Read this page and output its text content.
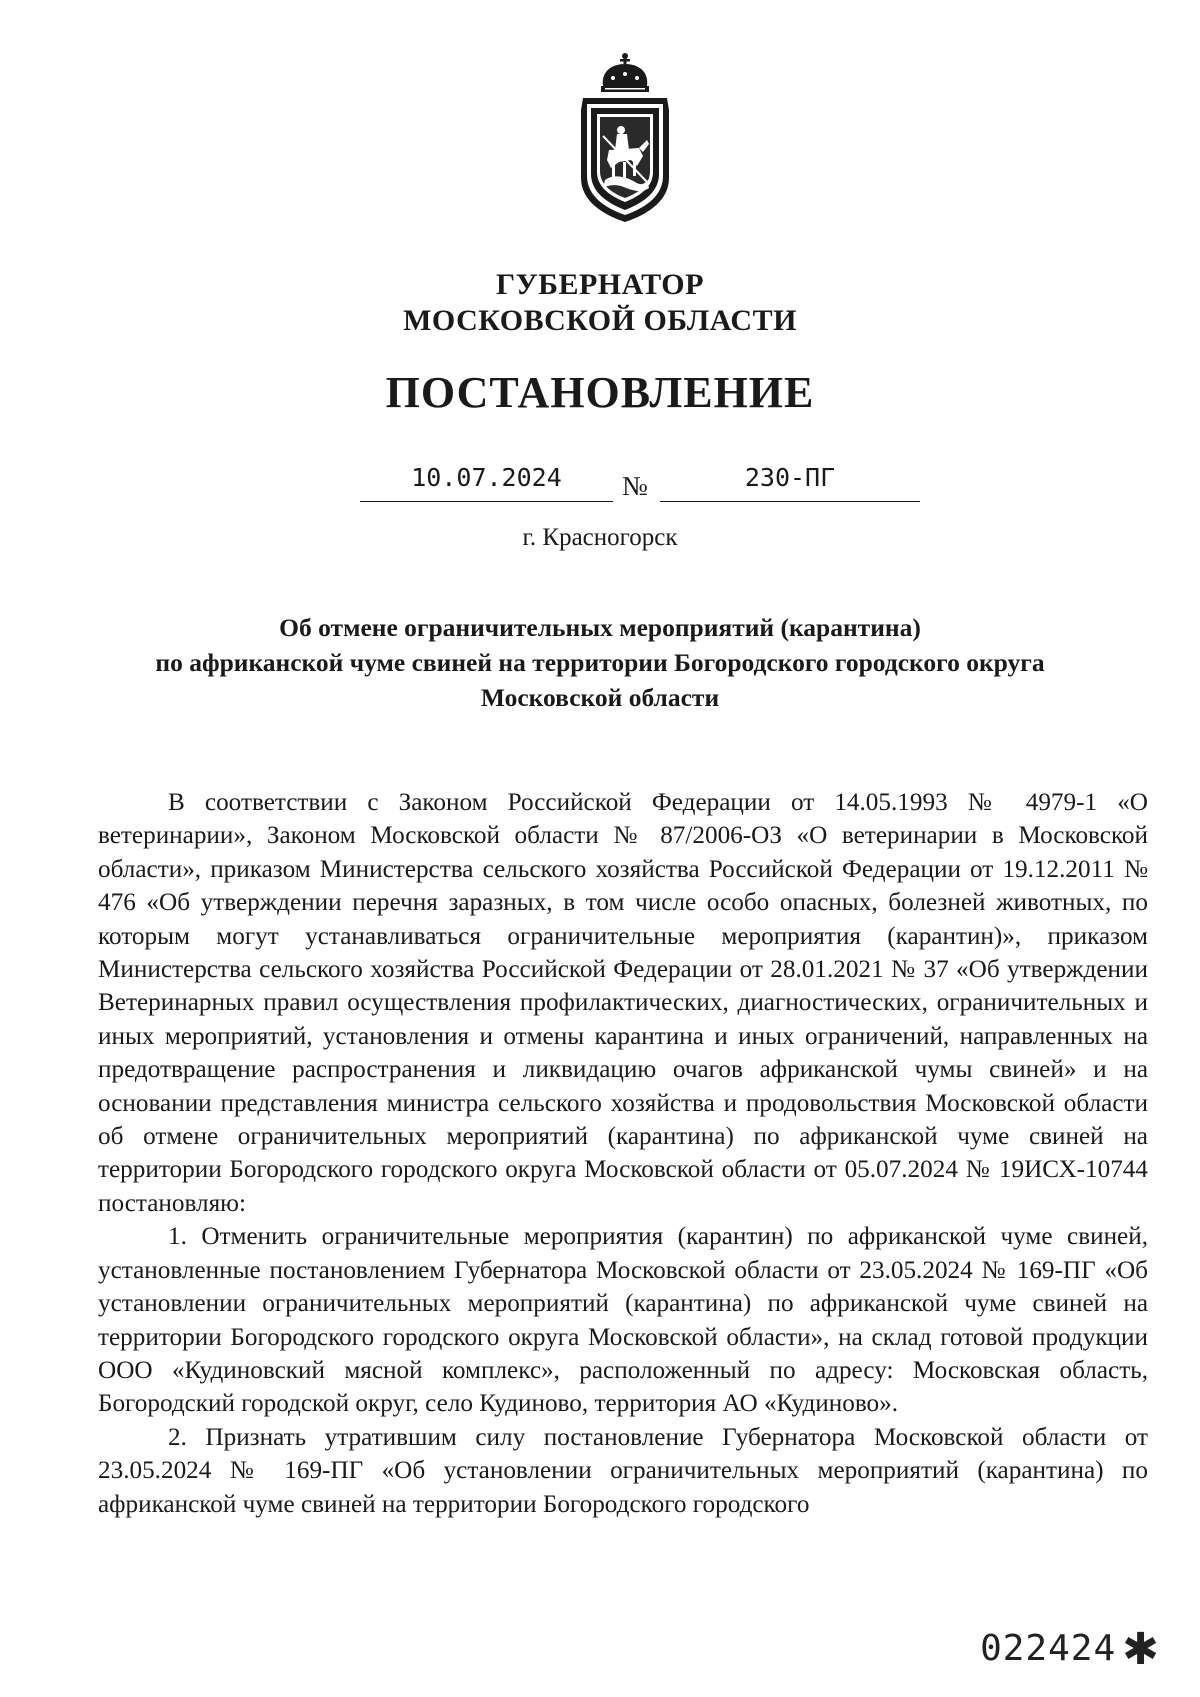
ГУБЕРНАТОР
МОСКОВСКОЙ ОБЛАСТИ
ПОСТАНОВЛЕНИЕ
10.07.2024	№	230-ПГ
г. Красногорск
Об отмене ограничительных мероприятий (карантина)
по африканской чуме свиней на территории Богородского городского округа
Московской области

В соответствии с Законом Российской Федерации от 14.05.1993 № 4979-1 «О ветеринарии», Законом Московской области № 87/2006-ОЗ «О ветеринарии в Московской области», приказом Министерства сельского хозяйства Российской Федерации от 19.12.2011 № 476 «Об утверждении перечня заразных, в том числе особо опасных, болезней животных, по которым могут устанавливаться ограничительные мероприятия (карантин)», приказом Министерства сельского хозяйства Российской Федерации от 28.01.2021 № 37 «Об утверждении Ветеринарных правил осуществления профилактических, диагностических, ограничительных и иных мероприятий, установления и отмены карантина и иных ограничений, направленных на предотвращение распространения и ликвидацию очагов африканской чумы свиней» и на основании представления министра сельского хозяйства и продовольствия Московской области об отмене ограничительных мероприятий (карантина) по африканской чуме свиней на территории Богородского городского округа Московской области от 05.07.2024 № 19ИСХ-10744 постановляю:

1. Отменить ограничительные мероприятия (карантин) по африканской чуме свиней, установленные постановлением Губернатора Московской области от 23.05.2024 № 169-ПГ «Об установлении ограничительных мероприятий (карантина) по африканской чуме свиней на территории Богородского городского округа Московской области», на склад готовой продукции ООО «Кудиновский мясной комплекс», расположенный по адресу: Московская область, Богородский городской округ, село Кудиново, территория АО «Кудиново».

2. Признать утратившим силу постановление Губернатора Московской области от 23.05.2024 № 169-ПГ «Об установлении ограничительных мероприятий (карантина) по африканской чуме свиней на территории Богородского городского

022424 ✱
